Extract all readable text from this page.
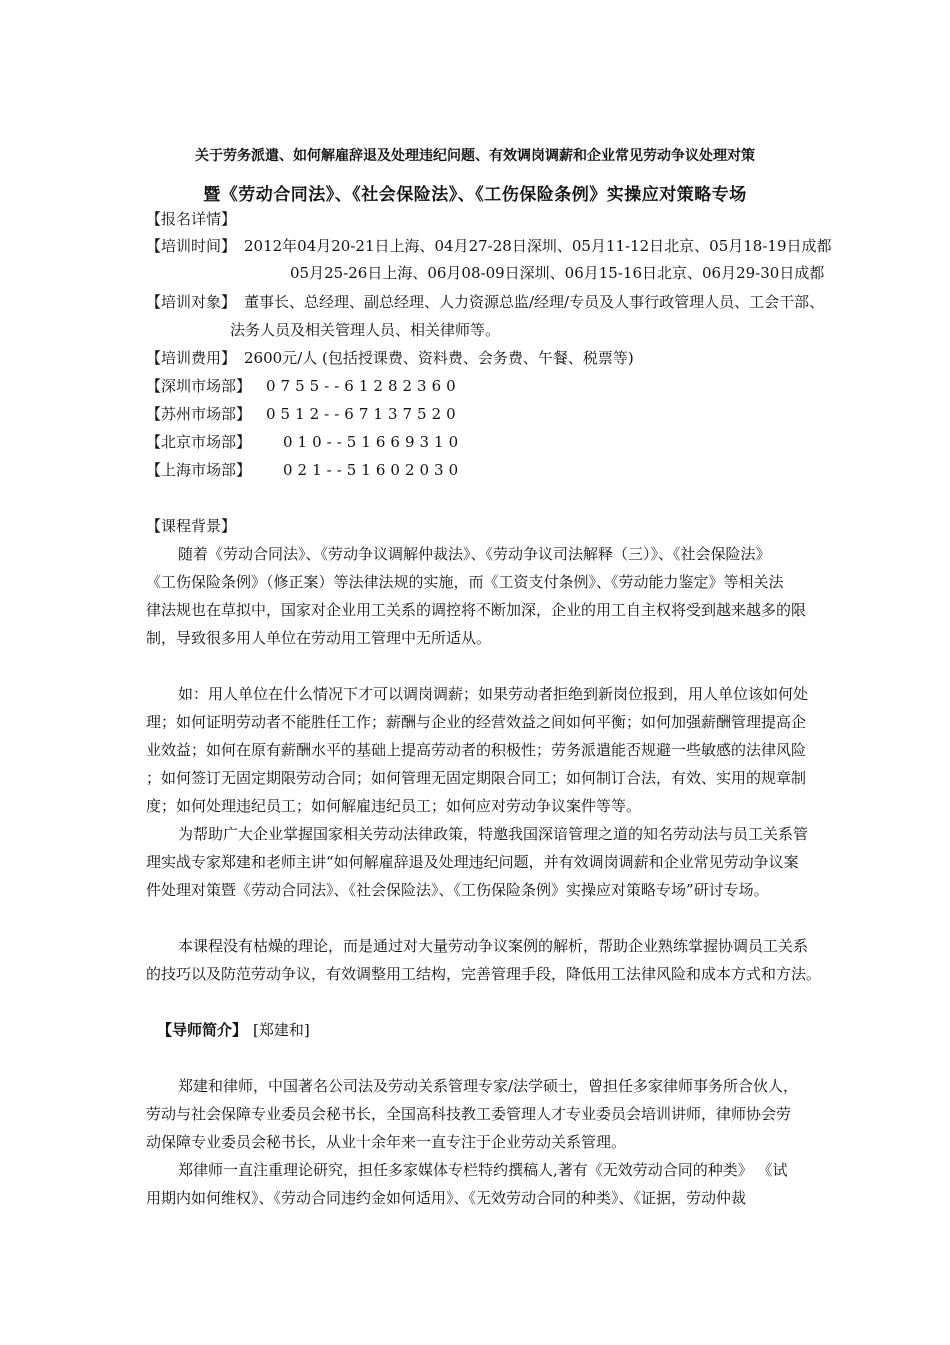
关于劳务派遣、如何解雇辞退及处理违纪问题、有效调岗调薪和企业常见劳动争议处理对策
暨《劳动合同法》、《社会保险法》、《工伤保险条例》实操应对策略专场
【报名详情】
【培训时间】 2012年04月20-21日上海、04月27-28日深圳、05月11-12日北京、05月18-19日成都
05月25-26日上海、06月08-09日深圳、06月15-16日北京、06月29-30日成都
【培训对象】 董事长、总经理、副总经理、人力资源总监/经理/专员及人事行政管理人员、工会干部、
法务人员及相关管理人员、相关律师等。
【培训费用】 2600元/人 (包括授课费、资料费、会务费、午餐、税票等)
【深圳市场部】 0755--61282360
【苏州市场部】 0512--67137520
【北京市场部】 010--51669310
【上海市场部】 021--51602030
【课程背景】
随着《劳动合同法》、《劳动争议调解仲裁法》、《劳动争议司法解释（三）》、《社会保险法》
《工伤保险条例》（修正案）等法律法规的实施，而《工资支付条例》、《劳动能力鉴定》等相关法
律法规也在草拟中，国家对企业用工关系的调控将不断加深，企业的用工自主权将受到越来越多的限
制，导致很多用人单位在劳动用工管理中无所适从。
如：用人单位在什么情况下才可以调岗调薪；如果劳动者拒绝到新岗位报到，用人单位该如何处
理；如何证明劳动者不能胜任工作；薪酬与企业的经营效益之间如何平衡；如何加强薪酬管理提高企
业效益；如何在原有薪酬水平的基础上提高劳动者的积极性；劳务派遣能否规避一些敏感的法律风险
；如何签订无固定期限劳动合同；如何管理无固定期限合同工；如何制订合法，有效、实用的规章制
度；如何处理违纪员工；如何解雇违纪员工；如何应对劳动争议案件等等。
为帮助广大企业掌握国家相关劳动法律政策，特邀我国深谙管理之道的知名劳动法与员工关系管
理实战专家郑建和老师主讲“如何解雇辞退及处理违纪问题，并有效调岗调薪和企业常见劳动争议案
件处理对策暨《劳动合同法》、《社会保险法》、《工伤保险条例》实操应对策略专场”研讨专场。
本课程没有枯燥的理论，而是通过对大量劳动争议案例的解析，帮助企业熟练掌握协调员工关系
的技巧以及防范劳动争议，有效调整用工结构，完善管理手段，降低用工法律风险和成本方式和方法。
【导师简介】 [郑建和]
郑建和律师，中国著名公司法及劳动关系管理专家/法学硕士，曾担任多家律师事务所合伙人，
劳动与社会保障专业委员会秘书长，全国高科技教工委管理人才专业委员会培训讲师，律师协会劳
动保障专业委员会秘书长，从业十余年来一直专注于企业劳动关系管理。
郑律师一直注重理论研究，担任多家媒体专栏特约撰稿人,著有《无效劳动合同的种类》 《试
用期内如何维权》、《劳动合同违约金如何适用》、《无效劳动合同的种类》、《证据，劳动仲裁
